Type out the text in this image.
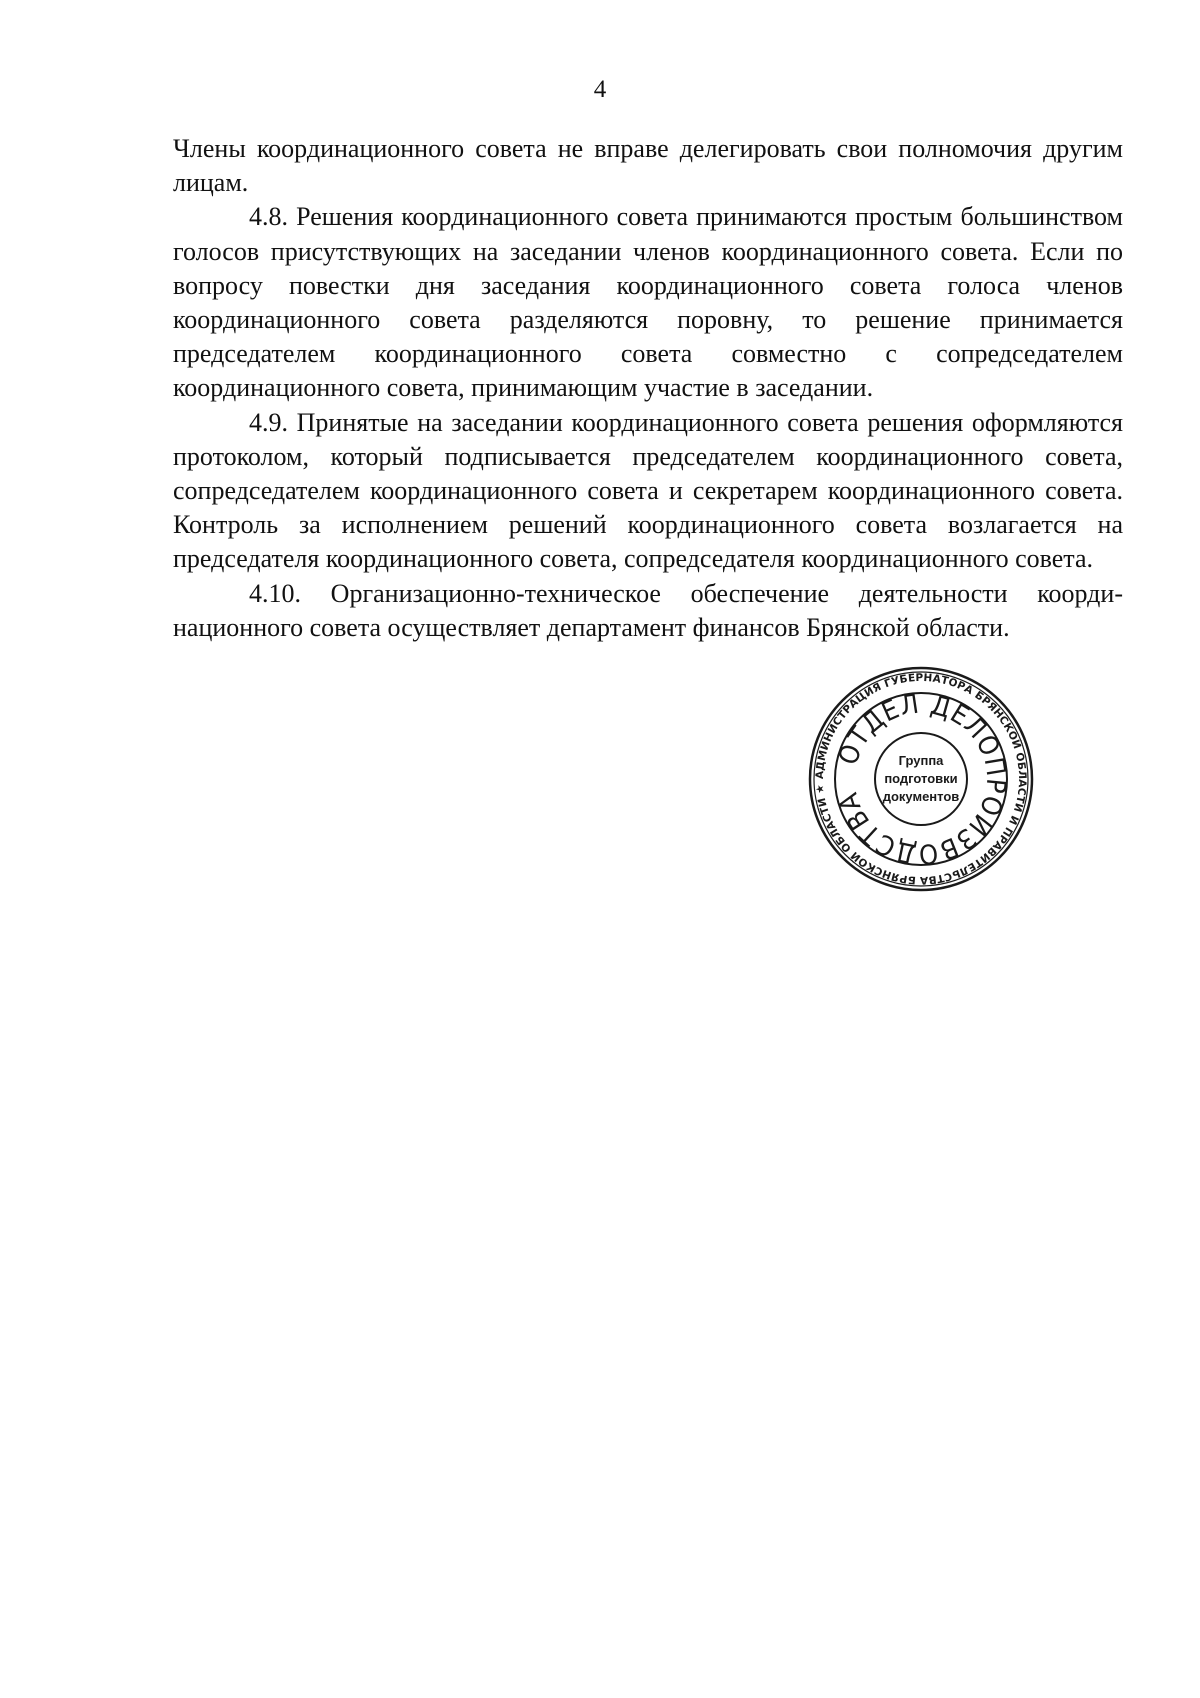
4

Члены координационного совета не вправе делегировать свои полномочия другим лицам.

4.8. Решения координационного совета принимаются простым большинством голосов присутствующих на заседании членов координационного совета. Если по вопросу повестки дня заседания координационного совета голоса членов координационного совета разделяются поровну, то решение принимается председателем координационного совета совместно с сопредседателем координационного совета, принимающим участие в заседании.

4.9. Принятые на заседании координационного совета решения оформляются протоколом, который подписывается председателем координационного совета, сопредседателем координационного совета и секретарем координационного совета. Контроль за исполнением решений координационного совета возлагается на председателя координационного совета, сопредседателя координационного совета.

4.10. Организационно-техническое обеспечение деятельности координационного совета осуществляет департамент финансов Брянской области.

АДМИНИСТРАЦИЯ ГУБЕРНАТОРА БРЯНСКОЙ ОБЛАСТИ И ПРАВИТЕЛЬСТВА БРЯНСКОЙ ОБЛАСТИ ★
ОТДЕЛ ДЕЛОПРОИЗВОДСТВА
Группа
подготовки
документов
